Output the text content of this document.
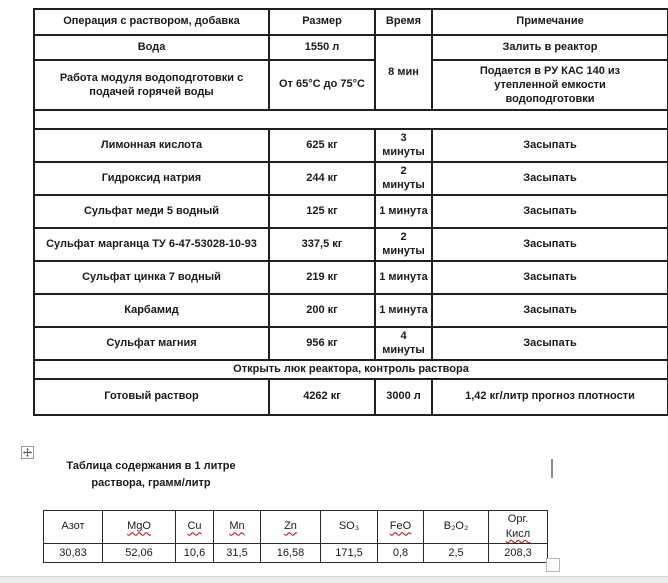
Операция с раствором, добавка	Размер	Время	Примечание
Вода	1550 л	8 мин	Залить в реактор

Работа модуля водоподготовки с подачей горячей воды	От 65°С до 75°С		Подается в РУ КАС 140 из утепленной емкости водоподготовки

Лимонная кислота	625 кг	3 минуты	Засыпать
Гидроксид натрия	244 кг	2 минуты	Засыпать
Сульфат меди 5 водный	125 кг	1 минута	Засыпать
Сульфат марганца ТУ 6-47-53028-10-93	337,5 кг	2 минуты	Засыпать
Сульфат цинка 7 водный	219 кг	1 минута	Засыпать
Карбамид	200 кг	1 минута	Засыпать
Сульфат магния	956 кг	4 минуты	Засыпать
Открыть люк реактора, контроль раствора			
Готовый раствор	4262 кг	3000 л	1,42 кг/литр прогноз плотности
Таблица содержания в 1 литре
раствора, грамм/литр
Азот	MgO	Cu	Mn	Zn	SO₃	FeO	B₂O₂	Орг.
Кисл

30,83	52,06	10,6	31,5	16,58	171,5	0,8	2,5	208,3
